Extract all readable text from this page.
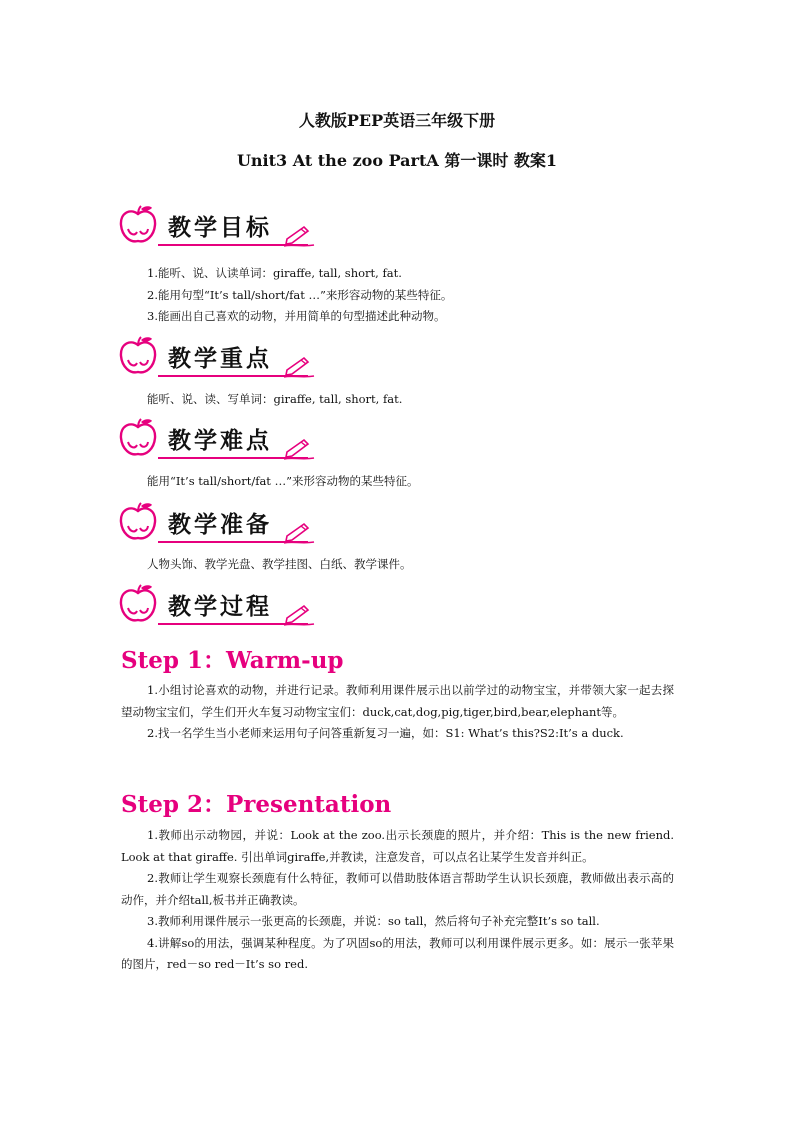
人教版PEP英语三年级下册
Unit3 At the zoo PartA 第一课时 教案1
教学目标
1.能听、说、认读单词：giraffe, tall, short, fat.
2.能用句型“It’s tall/short/fat …”来形容动物的某些特征。
3.能画出自己喜欢的动物，并用简单的句型描述此种动物。
教学重点
能听、说、读、写单词：giraffe, tall, short, fat.
教学难点
能用“It’s tall/short/fat …”来形容动物的某些特征。
教学准备
人物头饰、教学光盘、教学挂图、白纸、教学课件。
教学过程
Step 1：Warm-up

1.小组讨论喜欢的动物，并进行记录。教师利用课件展示出以前学过的动物宝宝，并带领大家一起去探望动物宝宝们，学生们开火车复习动物宝宝们：duck,cat,dog,pig,tiger,bird,bear,elephant等。

2.找一名学生当小老师来运用句子问答重新复习一遍，如：S1: What’s this?S2:It’s a duck.

Step 2：Presentation

1.教师出示动物园，并说：Look at the zoo.出示长颈鹿的照片，并介绍：This is the new friend. Look at that giraffe. 引出单词giraffe,并教读，注意发音，可以点名让某学生发音并纠正。

2.教师让学生观察长颈鹿有什么特征，教师可以借助肢体语言帮助学生认识长颈鹿，教师做出表示高的动作，并介绍tall,板书并正确教读。

3.教师利用课件展示一张更高的长颈鹿，并说：so tall，然后将句子补充完整It’s so tall.

4.讲解so的用法，强调某种程度。为了巩固so的用法，教师可以利用课件展示更多。如：展示一张苹果的图片，red－so red－It’s so red.
